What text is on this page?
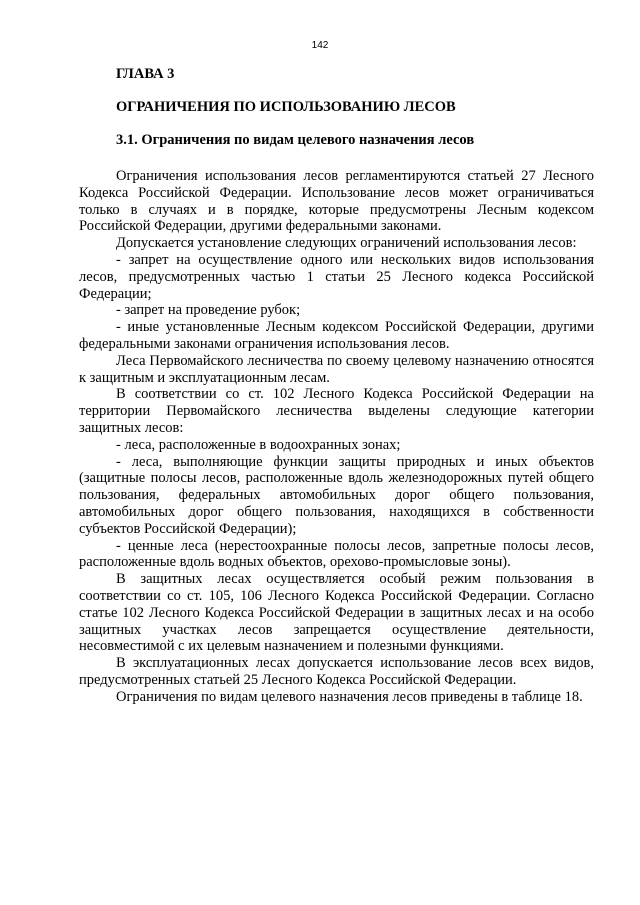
142
ГЛАВА 3
ОГРАНИЧЕНИЯ ПО ИСПОЛЬЗОВАНИЮ ЛЕСОВ
3.1. Ограничения по видам целевого назначения лесов

Ограничения использования лесов регламентируются статьей 27 Лесного Кодекса Российской Федерации. Использование лесов может ограничиваться только в случаях и в порядке, которые предусмотрены Лесным кодексом Российской Федерации, другими федеральными законами.

Допускается установление следующих ограничений использования лесов:

- запрет на осуществление одного или нескольких видов использования лесов, предусмотренных частью 1 статьи 25 Лесного кодекса Российской Федерации;

- запрет на проведение рубок;

- иные установленные Лесным кодексом Российской Федерации, другими федеральными законами ограничения использования лесов.

Леса Первомайского лесничества по своему целевому назначению относятся к защитным и эксплуатационным лесам.

В соответствии со ст. 102 Лесного Кодекса Российской Федерации на территории Первомайского лесничества выделены следующие категории защитных лесов:

- леса, расположенные в водоохранных зонах;

- леса, выполняющие функции защиты природных и иных объектов (защитные полосы лесов, расположенные вдоль железнодорожных путей общего пользования, федеральных автомобильных дорог общего пользования, автомобильных дорог общего пользования, находящихся в собственности субъектов Российской Федерации);

- ценные леса (нерестоохранные полосы лесов, запретные полосы лесов, расположенные вдоль водных объектов, орехово-промысловые зоны).

В защитных лесах осуществляется особый режим пользования в соответствии со ст. 105, 106 Лесного Кодекса Российской Федерации. Согласно статье 102 Лесного Кодекса Российской Федерации в защитных лесах и на особо защитных участках лесов запрещается осуществление деятельности, несовместимой с их целевым назначением и полезными функциями.

В эксплуатационных лесах допускается использование лесов всех видов, предусмотренных статьей 25 Лесного Кодекса Российской Федерации.

Ограничения по видам целевого назначения лесов приведены в таблице 18.
